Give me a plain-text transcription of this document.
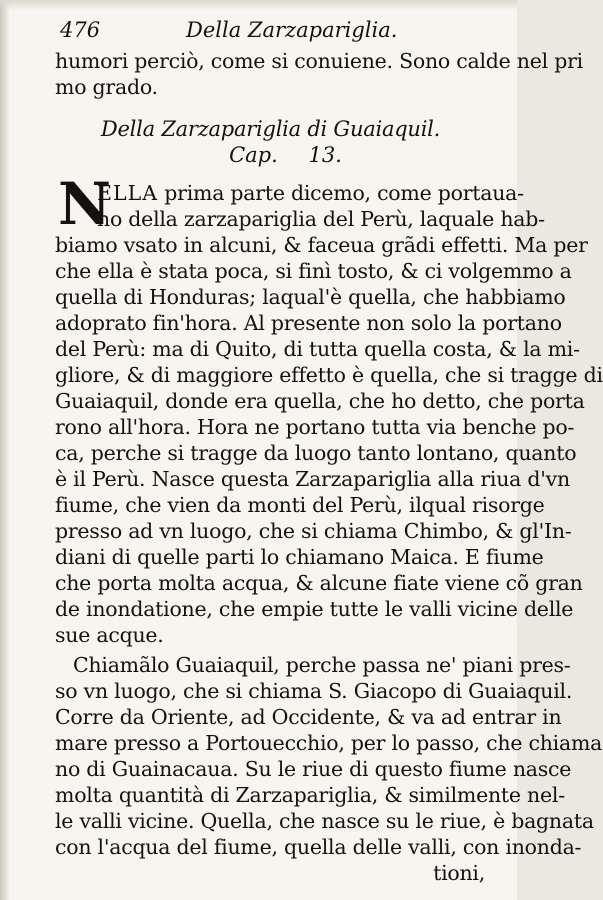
476	Della Zarzapariglia.
humori perciò, come si conuiene. Sono calde nel pri
mo grado.
Della Zarzapariglia di Guaiaquil.
Cap. 13.
N
ELLA prima parte dicemo, come portaua-
no della zarzapariglia del Perù, laquale hab-
biamo vsato in alcuni, & faceua grãdi effetti. Ma per
che ella è stata poca, si finì tosto, & ci volgemmo a
quella di Honduras; laqual'è quella, che habbiamo
adoprato fin'hora. Al presente non solo la portano
del Perù: ma di Quito, di tutta quella costa, & la mi-
gliore, & di maggiore effetto è quella, che si tragge di
Guaiaquil, donde era quella, che ho detto, che porta
rono all'hora. Hora ne portano tutta via benche po-
ca, perche si tragge da luogo tanto lontano, quanto
è il Perù. Nasce questa Zarzapariglia alla riua d'vn
fiume, che vien da monti del Perù, ilqual risorge
presso ad vn luogo, che si chiama Chimbo, & gl'In-
diani di quelle parti lo chiamano Maica. E fiume
che porta molta acqua, & alcune fiate viene cõ gran
de inondatione, che empie tutte le valli vicine delle
sue acque.
Chiamãlo Guaiaquil, perche passa ne' piani pres-
so vn luogo, che si chiama S. Giacopo di Guaiaquil.
Corre da Oriente, ad Occidente, & va ad entrar in
mare presso a Portouecchio, per lo passo, che chiama
no di Guainacaua. Su le riue di questo fiume nasce
molta quantità di Zarzapariglia, & similmente nel-
le valli vicine. Quella, che nasce su le riue, è bagnata
con l'acqua del fiume, quella delle valli, con inonda-
tioni,
